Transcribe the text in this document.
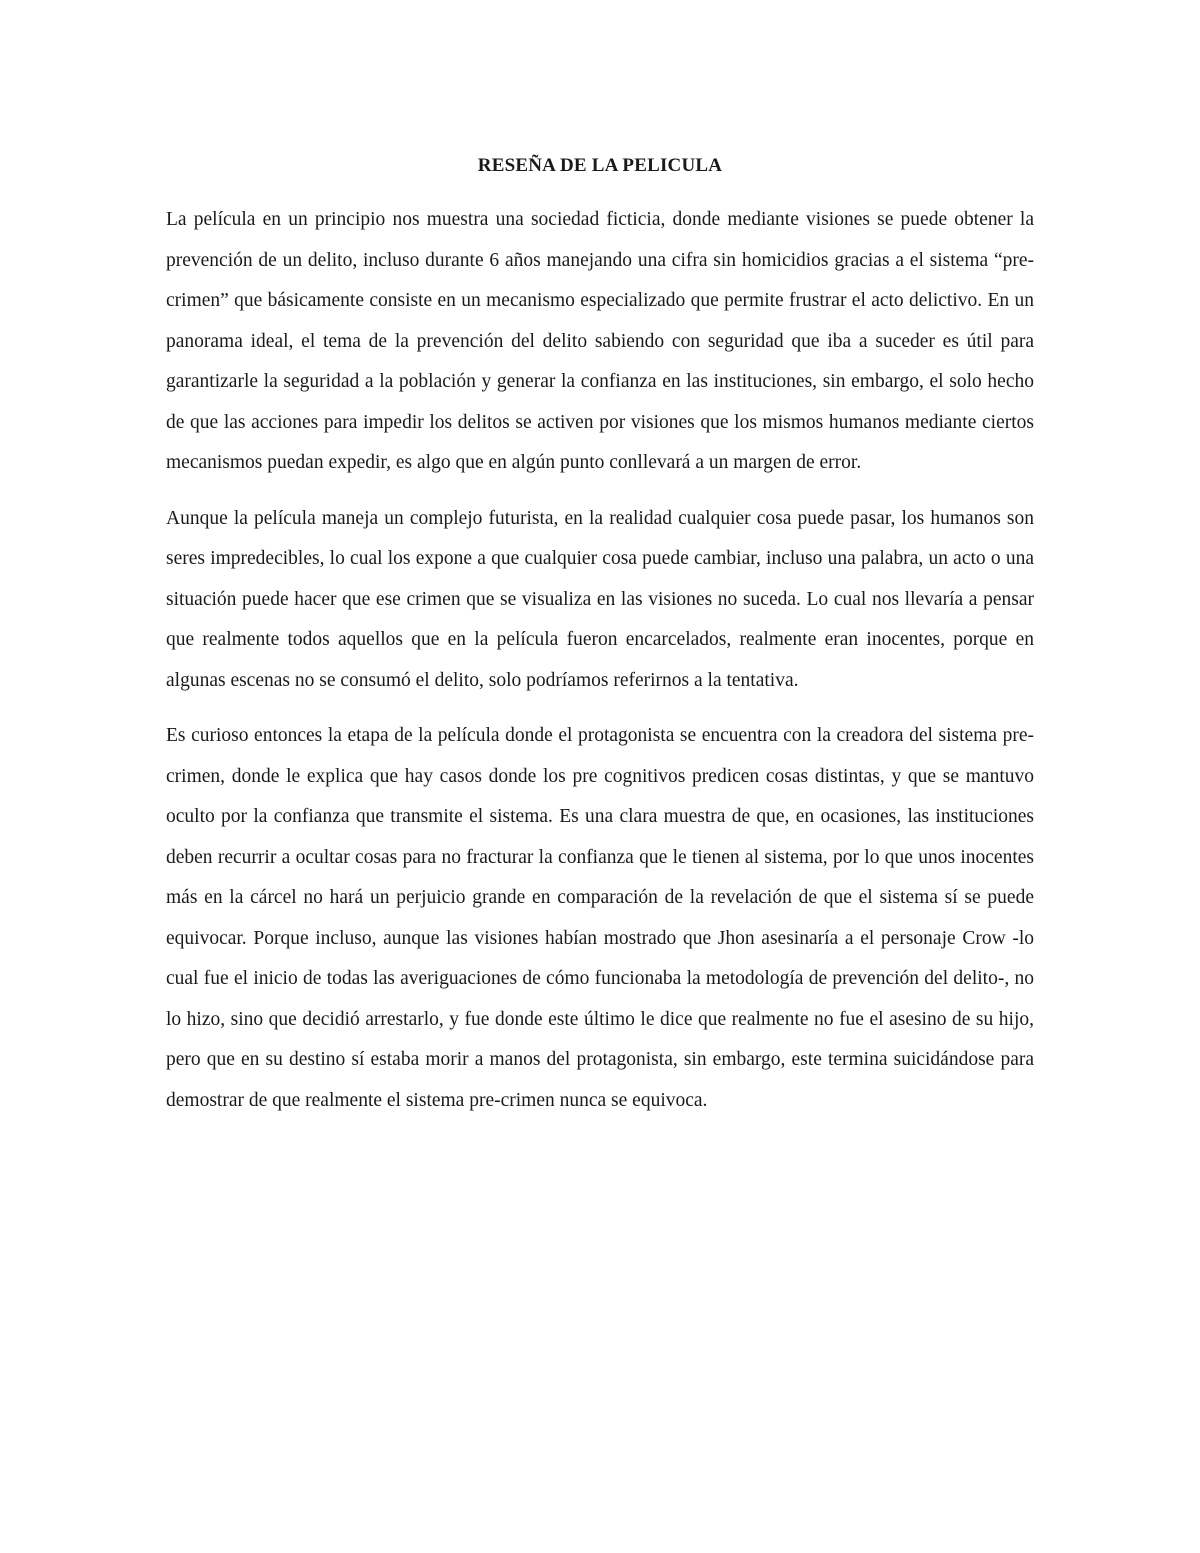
RESEÑA DE LA PELICULA

La película en un principio nos muestra una sociedad ficticia, donde mediante visiones se puede obtener la prevención de un delito, incluso durante 6 años manejando una cifra sin homicidios gracias a el sistema “pre-crimen” que básicamente consiste en un mecanismo especializado que permite frustrar el acto delictivo. En un panorama ideal, el tema de la prevención del delito sabiendo con seguridad que iba a suceder es útil para garantizarle la seguridad a la población y generar la confianza en las instituciones, sin embargo, el solo hecho de que las acciones para impedir los delitos se activen por visiones que los mismos humanos mediante ciertos mecanismos puedan expedir, es algo que en algún punto conllevará a un margen de error.

Aunque la película maneja un complejo futurista, en la realidad cualquier cosa puede pasar, los humanos son seres impredecibles, lo cual los expone a que cualquier cosa puede cambiar, incluso una palabra, un acto o una situación puede hacer que ese crimen que se visualiza en las visiones no suceda. Lo cual nos llevaría a pensar que realmente todos aquellos que en la película fueron encarcelados, realmente eran inocentes, porque en algunas escenas no se consumó el delito, solo podríamos referirnos a la tentativa.

Es curioso entonces la etapa de la película donde el protagonista se encuentra con la creadora del sistema pre-crimen, donde le explica que hay casos donde los pre cognitivos predicen cosas distintas, y que se mantuvo oculto por la confianza que transmite el sistema. Es una clara muestra de que, en ocasiones, las instituciones deben recurrir a ocultar cosas para no fracturar la confianza que le tienen al sistema, por lo que unos inocentes más en la cárcel no hará un perjuicio grande en comparación de la revelación de que el sistema sí se puede equivocar. Porque incluso, aunque las visiones habían mostrado que Jhon asesinaría a el personaje Crow -lo cual fue el inicio de todas las averiguaciones de cómo funcionaba la metodología de prevención del delito-, no lo hizo, sino que decidió arrestarlo, y fue donde este último le dice que realmente no fue el asesino de su hijo, pero que en su destino sí estaba morir a manos del protagonista, sin embargo, este termina suicidándose para demostrar de que realmente el sistema pre-crimen nunca se equivoca.
